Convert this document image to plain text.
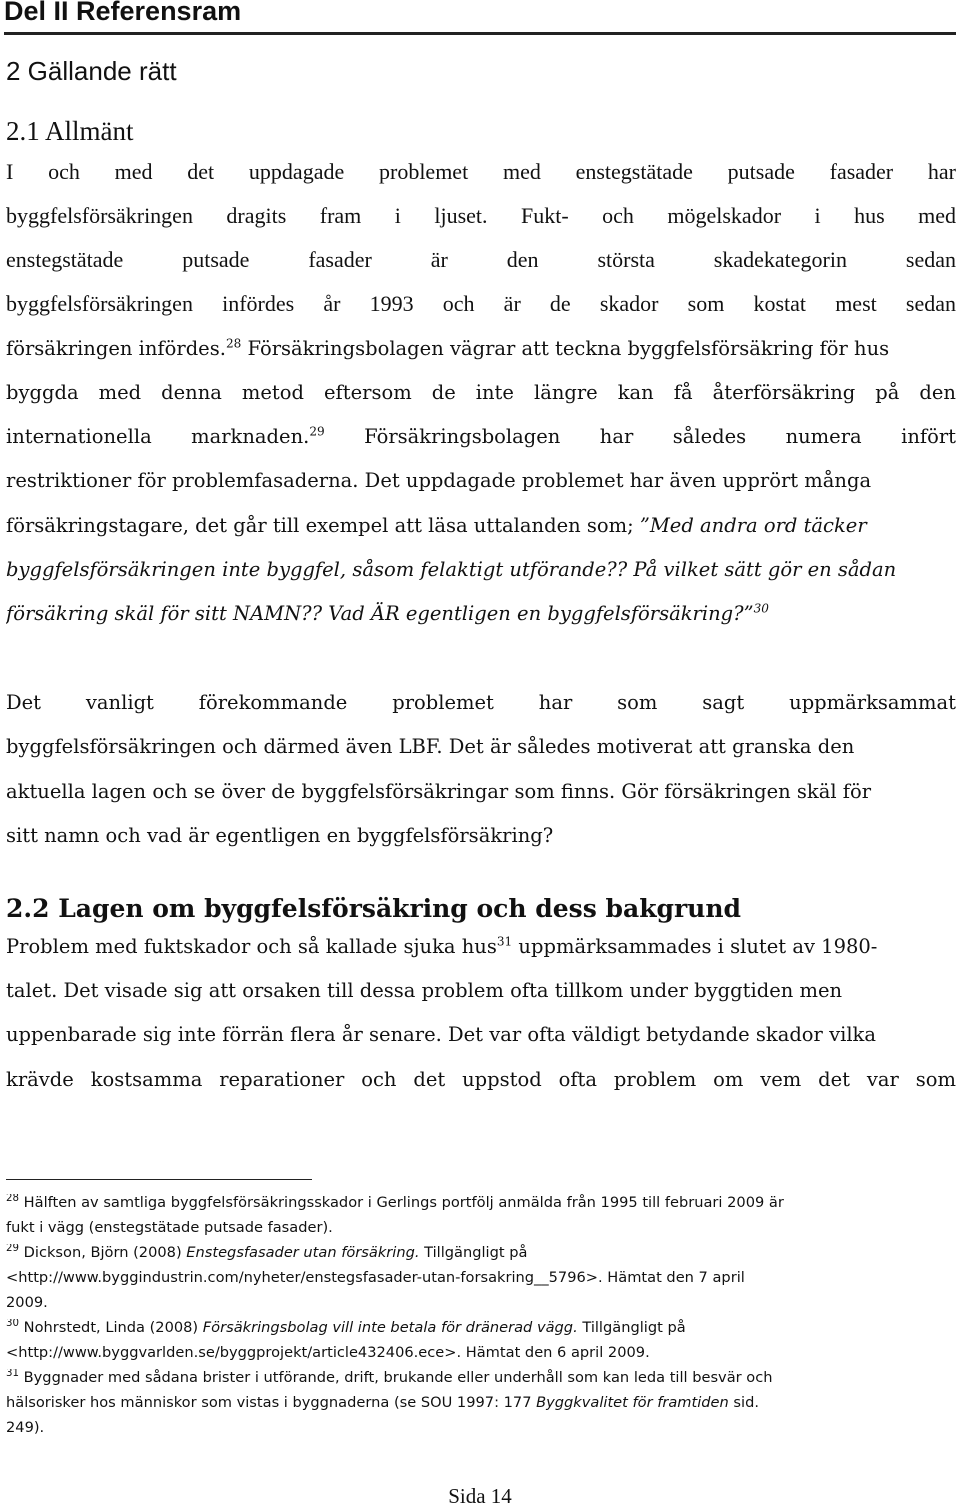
Del II Referensram
2 Gällande rätt
2.1 Allmänt
I och med det uppdagade problemet med enstegstätade putsade fasader har
byggfelsförsäkringen dragits fram i ljuset. Fukt- och mögelskador i hus med
enstegstätade putsade fasader är den största skadekategorin sedan
byggfelsförsäkringen infördes år 1993 och är de skador som kostat mest sedan
försäkringen infördes.$^{28}$ Försäkringsbolagen vägrar att teckna byggfelsförsäkring för hus
byggda med denna metod eftersom de inte längre kan få återförsäkring på den
internationella marknaden.$^{29}$ Försäkringsbolagen har således numera infört
restriktioner för problemfasaderna. Det uppdagade problemet har även upprört många
försäkringstagare, det går till exempel att läsa uttalanden som; ”Med andra ord täcker
byggfelsförsäkringen inte byggfel, såsom felaktigt utförande?? På vilket sätt gör en sådan
försäkring skäl för sitt NAMN?? Vad ÄR egentligen en byggfelsförsäkring?”$^{30}$
Det vanligt förekommande problemet har som sagt uppmärksammat
byggfelsförsäkringen och därmed även LBF. Det är således motiverat att granska den
aktuella lagen och se över de byggfelsförsäkringar som finns. Gör försäkringen skäl för
sitt namn och vad är egentligen en byggfelsförsäkring?
2.2 Lagen om byggfelsförsäkring och dess bakgrund
Problem med fuktskador och så kallade sjuka hus$^{31}$ uppmärksammades i slutet av 1980-
talet. Det visade sig att orsaken till dessa problem ofta tillkom under byggtiden men
uppenbarade sig inte förrän flera år senare. Det var ofta väldigt betydande skador vilka
krävde kostsamma reparationer och det uppstod ofta problem om vem det var som
$^{28}$ Hälften av samtliga byggfelsförsäkringsskador i Gerlings portfölj anmälda från 1995 till februari 2009 är
fukt i vägg (enstegstätade putsade fasader).
$^{29}$ Dickson, Björn (2008) Enstegsfasader utan försäkring. Tillgängligt på
<http://www.byggindustrin.com/nyheter/enstegsfasader-utan-forsakring__5796>. Hämtat den 7 april
2009.
$^{30}$ Nohrstedt, Linda (2008) Försäkringsbolag vill inte betala för dränerad vägg. Tillgängligt på
<http://www.byggvarlden.se/byggprojekt/article432406.ece>. Hämtat den 6 april 2009.
$^{31}$ Byggnader med sådana brister i utförande, drift, brukande eller underhåll som kan leda till besvär och
hälsorisker hos människor som vistas i byggnaderna (se SOU 1997: 177 Byggkvalitet för framtiden sid.
249).
Sida 14
